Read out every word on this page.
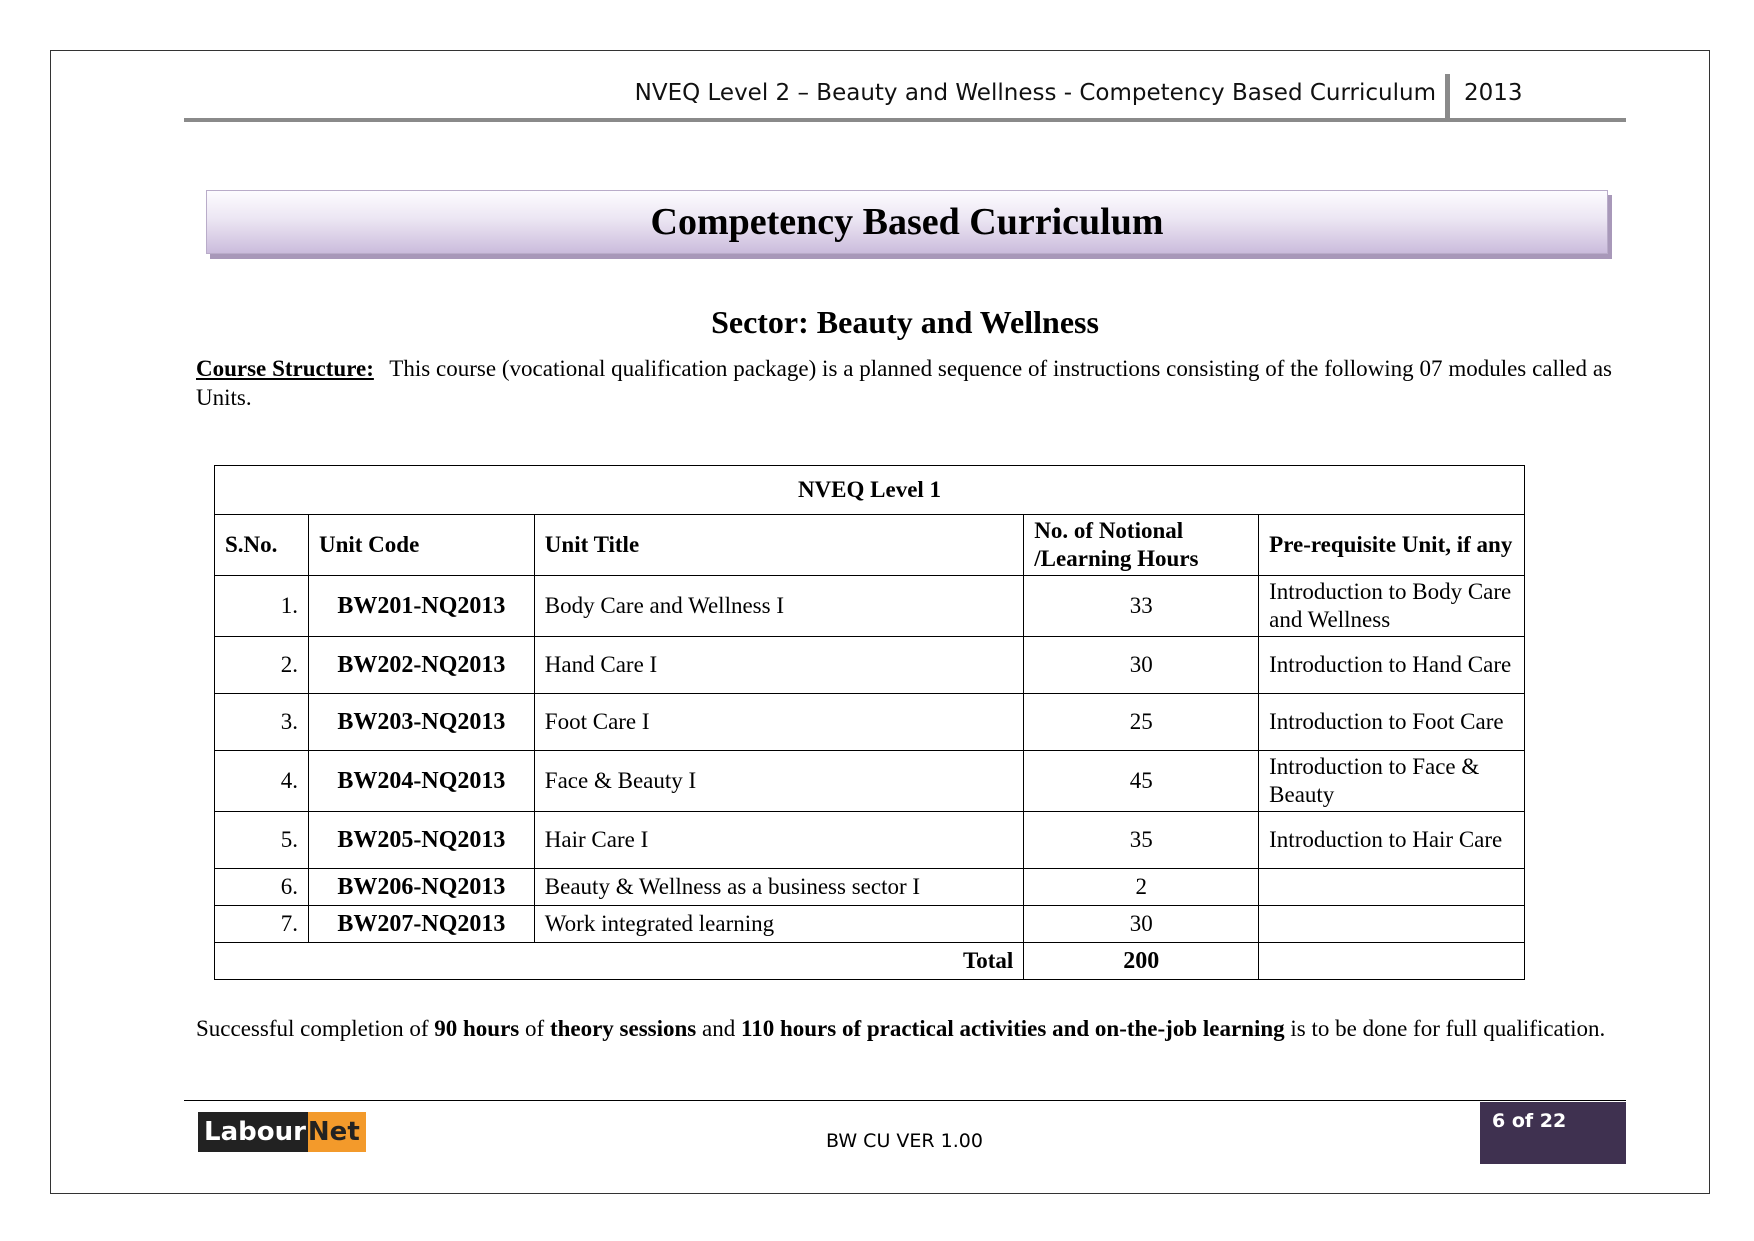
NVEQ Level 2 – Beauty and Wellness - Competency Based Curriculum 2013
Competency Based Curriculum
Sector: Beauty and Wellness
Course Structure: This course (vocational qualification package) is a planned sequence of instructions consisting of the following 07 modules called as Units.
NVEQ Level 1				
S.No.	Unit Code	Unit Title	No. of Notional /Learning Hours	Pre-requisite Unit, if any
1.	BW201-NQ2013	Body Care and Wellness I	33	Introduction to Body Care and Wellness
2.	BW202-NQ2013	Hand Care I	30	Introduction to Hand Care
3.	BW203-NQ2013	Foot Care I	25	Introduction to Foot Care
4.	BW204-NQ2013	Face & Beauty I	45	Introduction to Face & Beauty
5.	BW205-NQ2013	Hair Care I	35	Introduction to Hair Care
6.	BW206-NQ2013	Beauty & Wellness as a business sector I	2	
7.	BW207-NQ2013	Work integrated learning	30	
Total			200	
Successful completion of 90 hours of theory sessions and 110 hours of practical activities and on-the-job learning is to be done for full qualification.
Labour Net	BW CU VER 1.00
6 of 22
